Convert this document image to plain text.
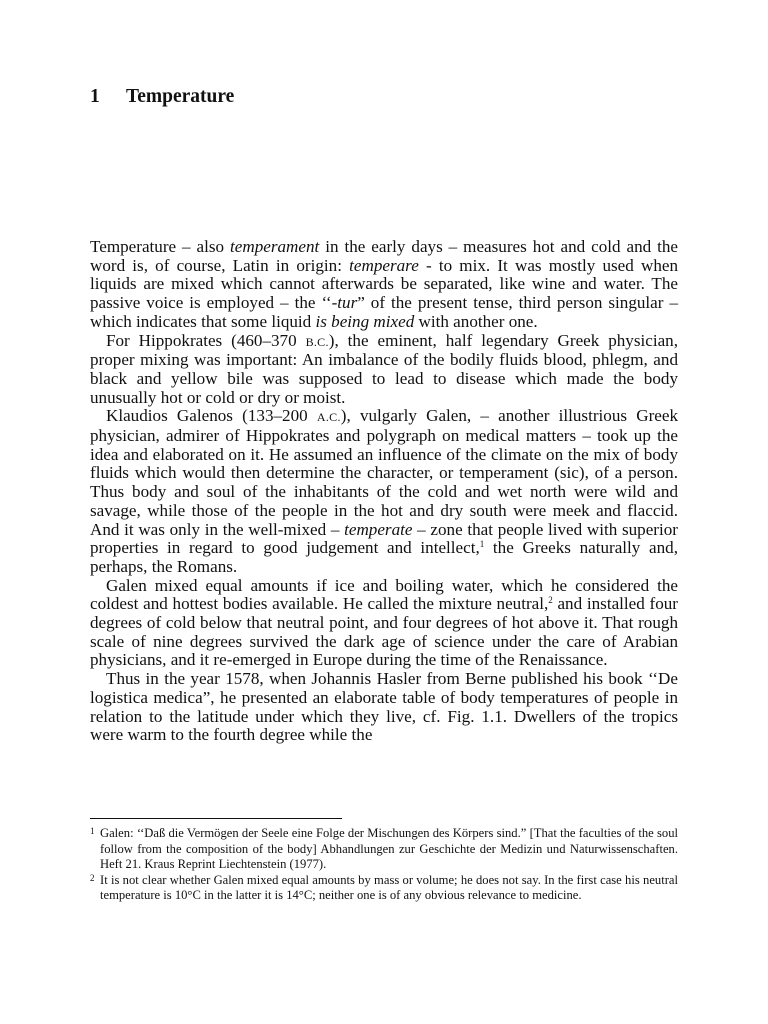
1 Temperature

Temperature – also temperament in the early days – measures hot and cold and the word is, of course, Latin in origin: temperare - to mix. It was mostly used when liquids are mixed which cannot afterwards be separated, like wine and water. The passive voice is employed – the ‘‘-tur” of the present tense, third person singular – which indicates that some liquid is being mixed with another one.

For Hippokrates (460–370 B.C.), the eminent, half legendary Greek physician, proper mixing was important: An imbalance of the bodily fluids blood, phlegm, and black and yellow bile was supposed to lead to disease which made the body unusually hot or cold or dry or moist.

Klaudios Galenos (133–200 A.C.), vulgarly Galen, – another illustrious Greek physician, admirer of Hippokrates and polygraph on medical matters – took up the idea and elaborated on it. He assumed an influence of the climate on the mix of body fluids which would then determine the character, or temperament (sic), of a person. Thus body and soul of the inhabitants of the cold and wet north were wild and savage, while those of the people in the hot and dry south were meek and flaccid. And it was only in the well-mixed – temperate – zone that people lived with superior properties in regard to good judgement and intellect,$^1$ the Greeks naturally and, perhaps, the Romans.

Galen mixed equal amounts if ice and boiling water, which he considered the coldest and hottest bodies available. He called the mixture neutral,$^2$ and installed four degrees of cold below that neutral point, and four degrees of hot above it. That rough scale of nine degrees survived the dark age of science under the care of Arabian physicians, and it re-emerged in Europe during the time of the Renaissance.

Thus in the year 1578, when Johannis Hasler from Berne published his book ‘‘De logistica medica”, he presented an elaborate table of body temperatures of people in relation to the latitude under which they live, cf. Fig. 1.1. Dwellers of the tropics were warm to the fourth degree while the

1 Galen: ‘‘Daß die Vermögen der Seele eine Folge der Mischungen des Körpers sind.” [That the faculties of the soul follow from the composition of the body] Abhandlungen zur Geschichte der Medizin und Naturwissenschaften. Heft 21. Kraus Reprint Liechtenstein (1977).

2 It is not clear whether Galen mixed equal amounts by mass or volume; he does not say. In the first case his neutral temperature is 10°C in the latter it is 14°C; neither one is of any obvious relevance to medicine.
